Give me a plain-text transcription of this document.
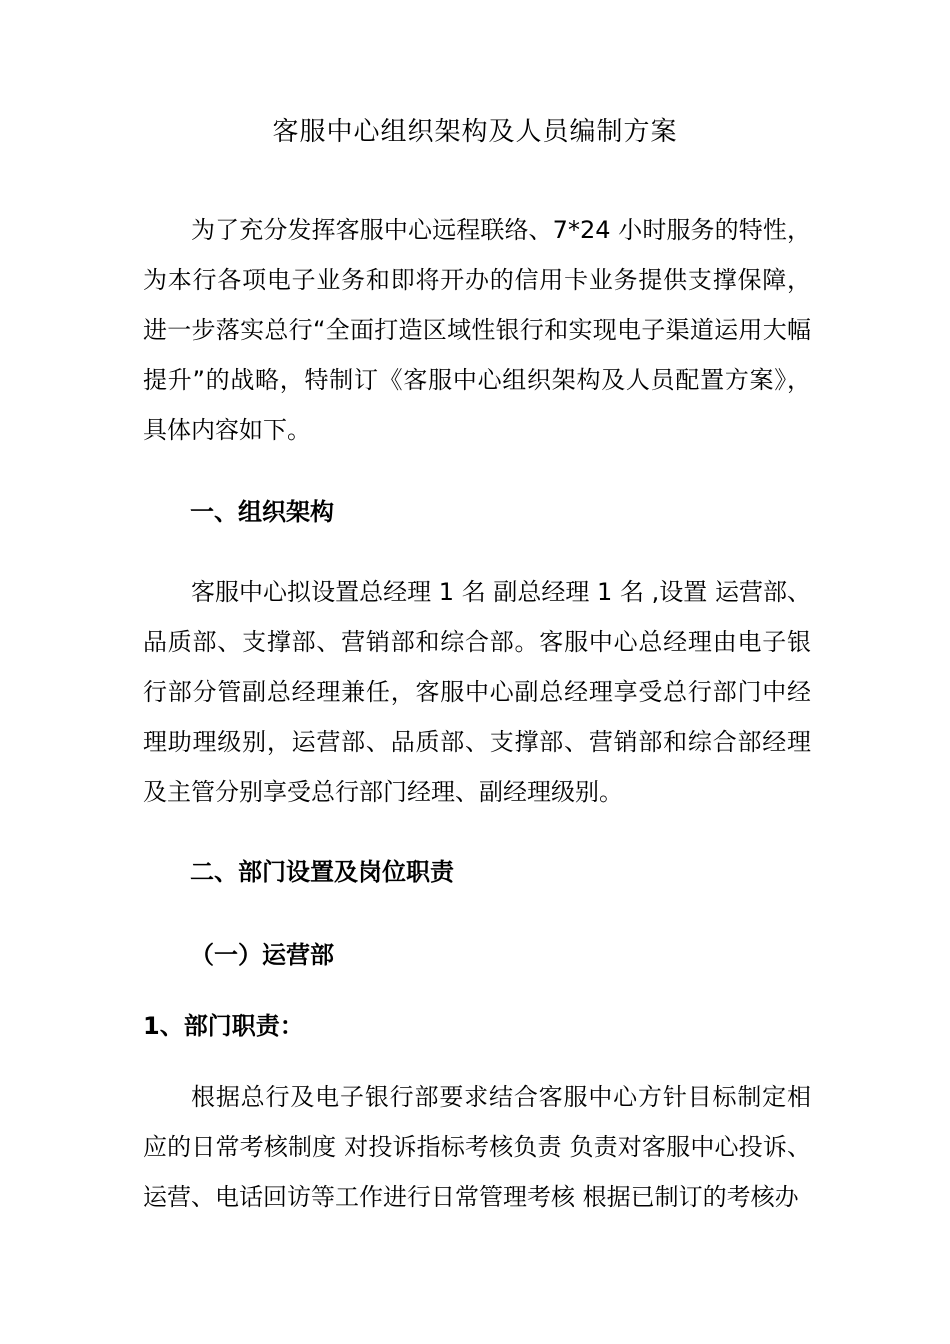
客服中心组织架构及人员编制方案

为了充分发挥客服中心远程联络、7*24 小时服务的特性，为本行各项电子业务和即将开办的信用卡业务提供支撑保障，进一步落实总行“全面打造区域性银行和实现电子渠道运用大幅提升”的战略，特制订《客服中心组织架构及人员配置方案》，具体内容如下。

一、组织架构

客服中心拟设置总经理 1 名 副总经理 1 名 ,设置 运营部、品质部、支撑部、营销部和综合部。客服中心总经理由电子银行部分管副总经理兼任，客服中心副总经理享受总行部门中经理助理级别，运营部、品质部、支撑部、营销部和综合部经理及主管分别享受总行部门经理、副经理级别。

二、部门设置及岗位职责
（一）运营部
1、部门职责：

根据总行及电子银行部要求结合客服中心方针目标制定相应的日常考核制度 对投诉指标考核负责 负责对客服中心投诉、运营、电话回访等工作进行日常管理考核 根据已制订的考核办
